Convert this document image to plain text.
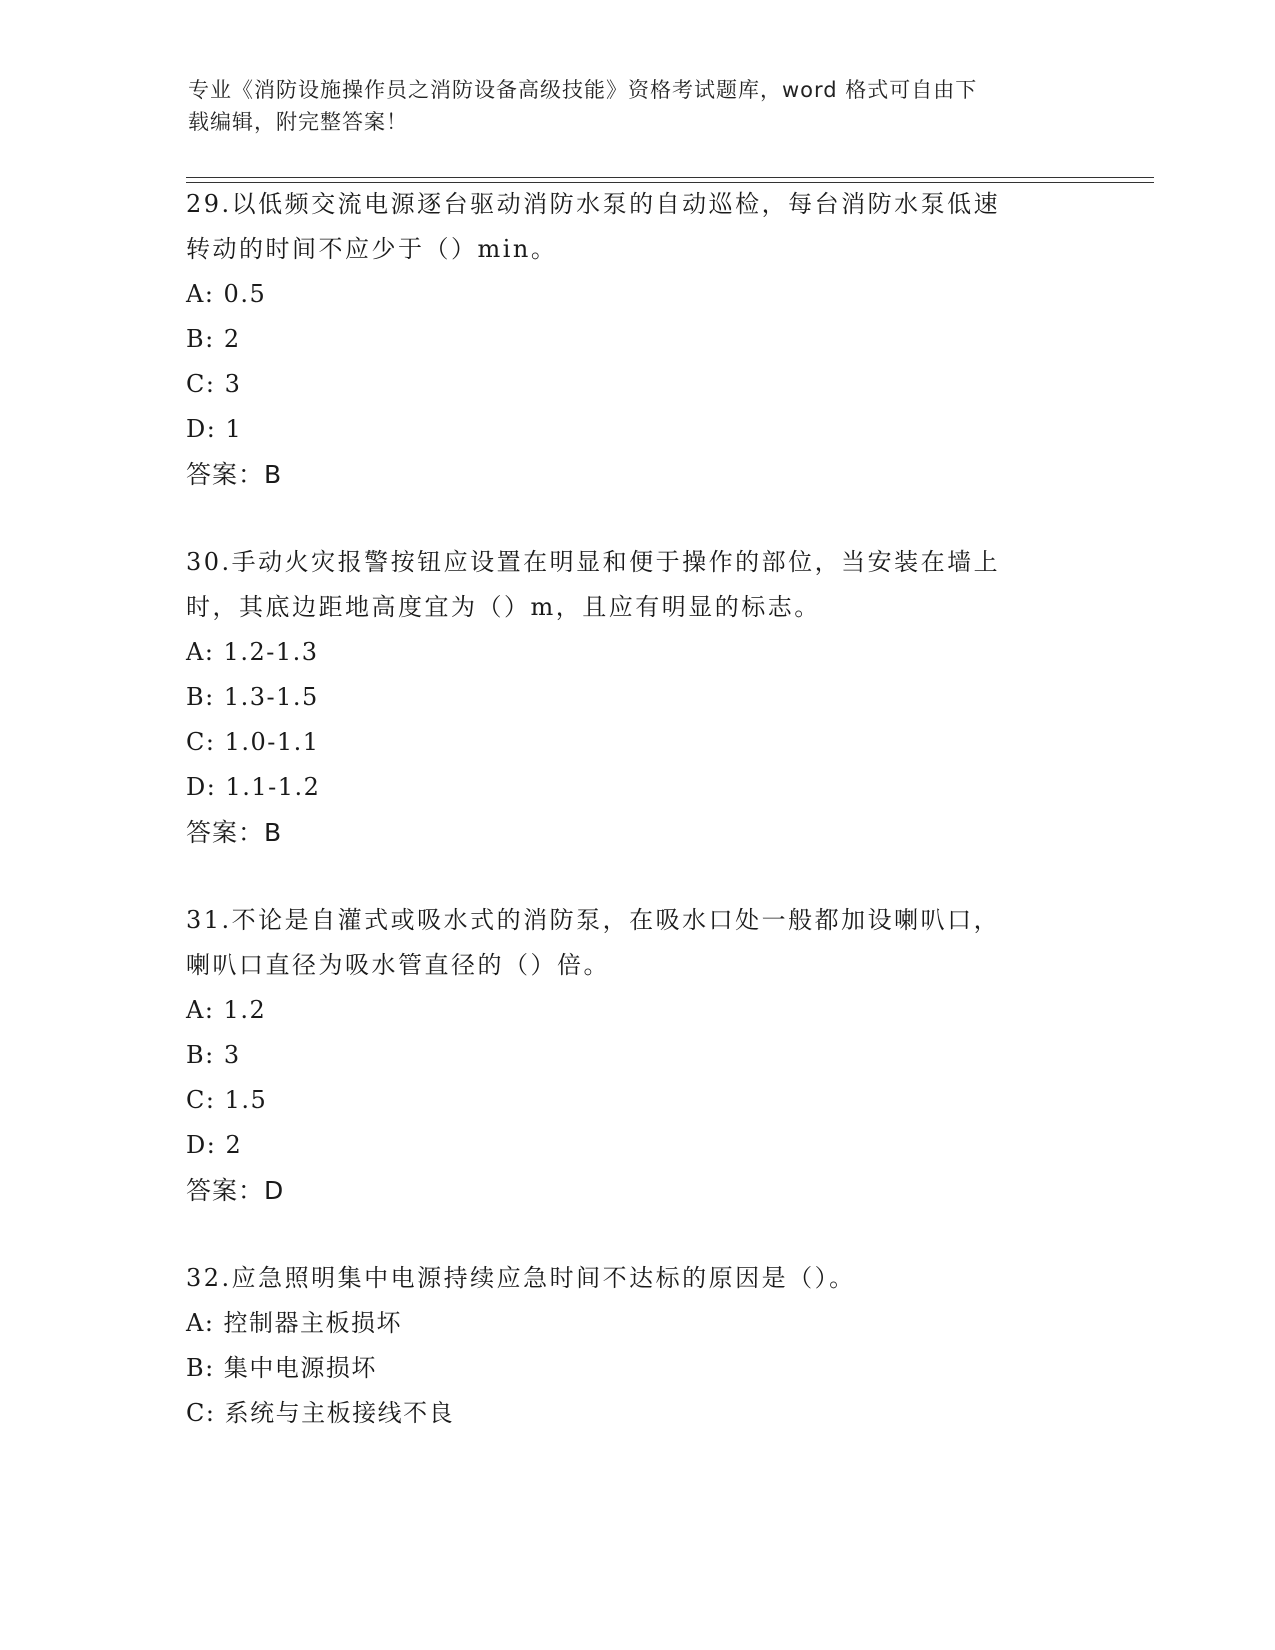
专业《消防设施操作员之消防设备高级技能》资格考试题库，word 格式可自由下
载编辑，附完整答案！

29.以低频交流电源逐台驱动消防水泵的自动巡检，每台消防水泵低速

转动的时间不应少于（）min。

A: 0.5

B: 2

C: 3

D: 1

答案：B

30.手动火灾报警按钮应设置在明显和便于操作的部位，当安装在墙上

时，其底边距地高度宜为（）m，且应有明显的标志。

A: 1.2-1.3

B: 1.3-1.5

C: 1.0-1.1

D: 1.1-1.2

答案：B

31.不论是自灌式或吸水式的消防泵，在吸水口处一般都加设喇叭口，

喇叭口直径为吸水管直径的（）倍。

A: 1.2

B: 3

C: 1.5

D: 2

答案：D

32.应急照明集中电源持续应急时间不达标的原因是（）。

A: 控制器主板损坏

B: 集中电源损坏

C: 系统与主板接线不良
